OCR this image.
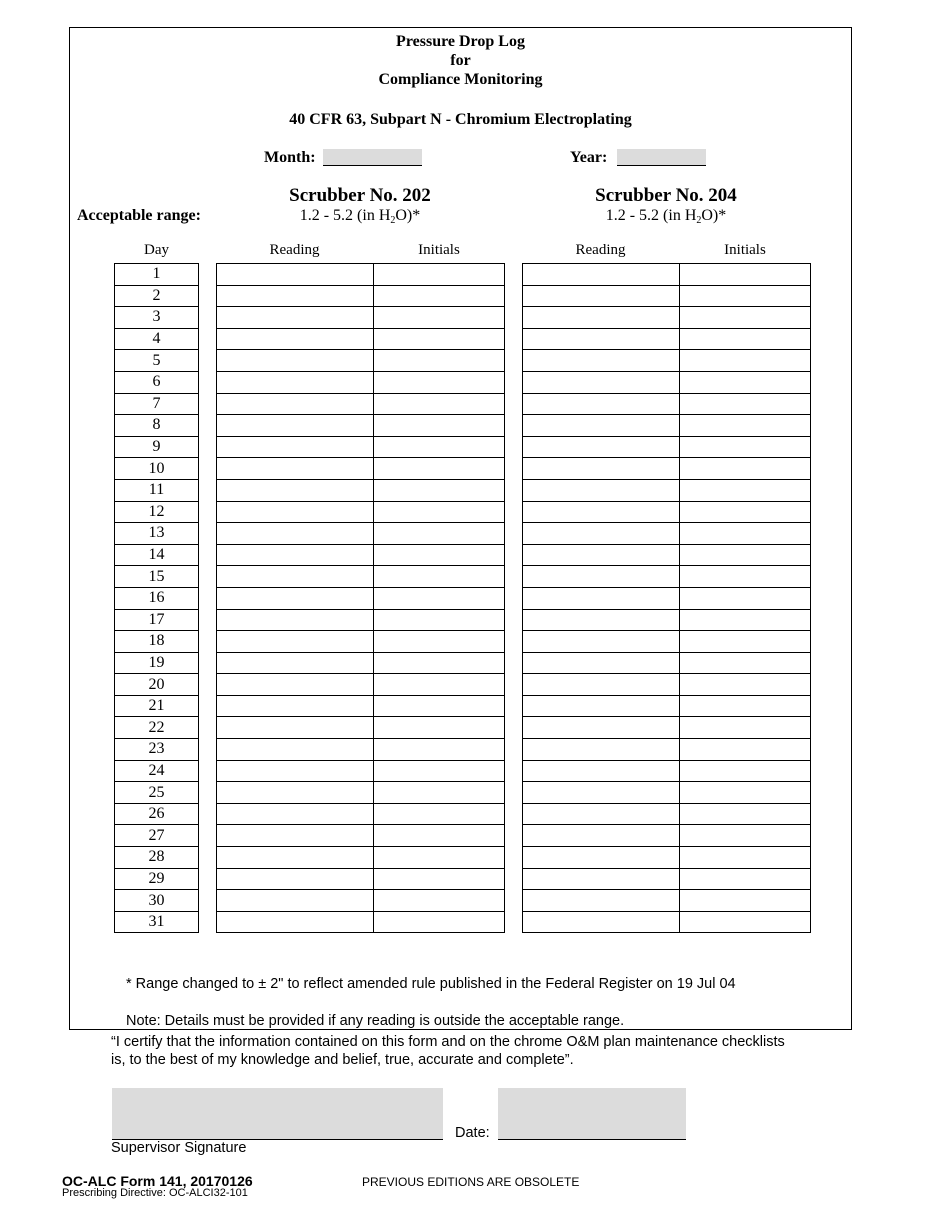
Pressure Drop Log
for
Compliance Monitoring
40 CFR 63, Subpart N - Chromium Electroplating
Month:	Year:
Scrubber No. 202	Scrubber No. 204
Acceptable range:	1.2 - 5.2 (in $H_2O)*$	1.2 - 5.2 (in $H_2O)*$
Day	Reading	Initials	Reading	Initials
1
2
3
4
5
6
7
8
9
10
11
12
13
14
15
16
17
18
19
20
21
22
23
24
25
26
27
28
29
30
31

* Range changed to ± 2" to reflect amended rule published in the Federal Register on 19 Jul 04
Note: Details must be provided if any reading is outside the acceptable range.
“I certify that the information contained on this form and on the chrome O&M plan maintenance checklists
is, to the best of my knowledge and belief, true, accurate and complete”.
Supervisor Signature
Date:
OC-ALC Form 141, 20170126
Prescribing Directive: OC-ALCI32-101
PREVIOUS EDITIONS ARE OBSOLETE
